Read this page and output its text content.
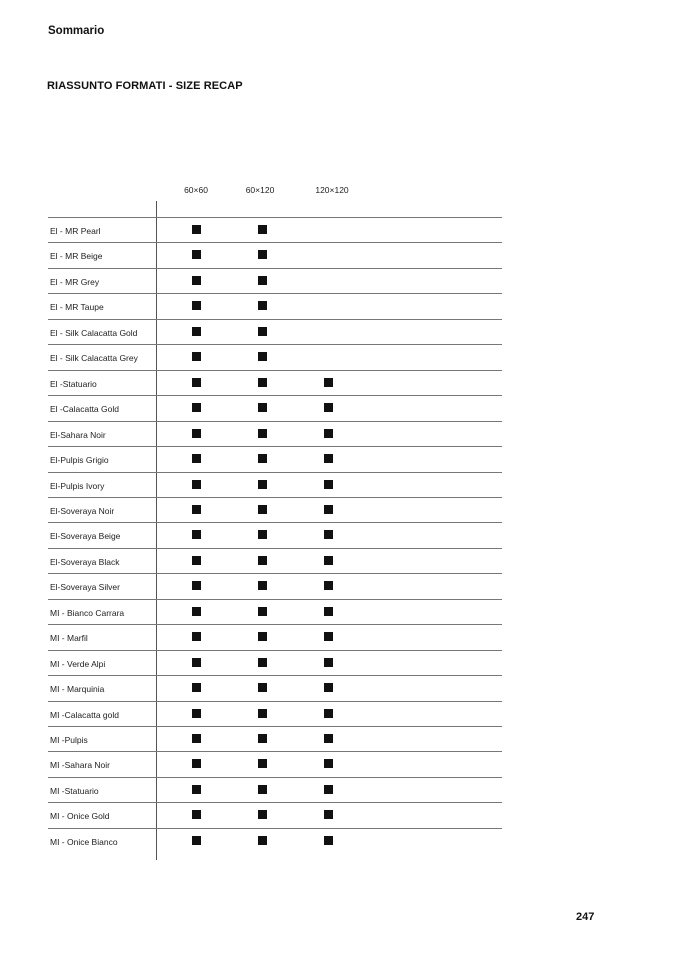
Sommario
RIASSUNTO FORMATI - SIZE RECAP
60×60	60×120	120×120
El - MR Pearl
El - MR Beige
El - MR Grey
El - MR Taupe
El - Silk Calacatta Gold
El - Silk Calacatta Grey
El -Statuario
El -Calacatta Gold
El-Sahara Noir
El-Pulpis Grigio
El-Pulpis Ivory
El-Soveraya Noir
El-Soveraya Beige
El-Soveraya Black
El-Soveraya Silver
MI - Bianco Carrara
MI - Marfil
MI - Verde Alpi
MI - Marquinia
MI -Calacatta gold
MI -Pulpis
MI -Sahara Noir
MI -Statuario
MI - Onice Gold
MI - Onice Bianco
247
